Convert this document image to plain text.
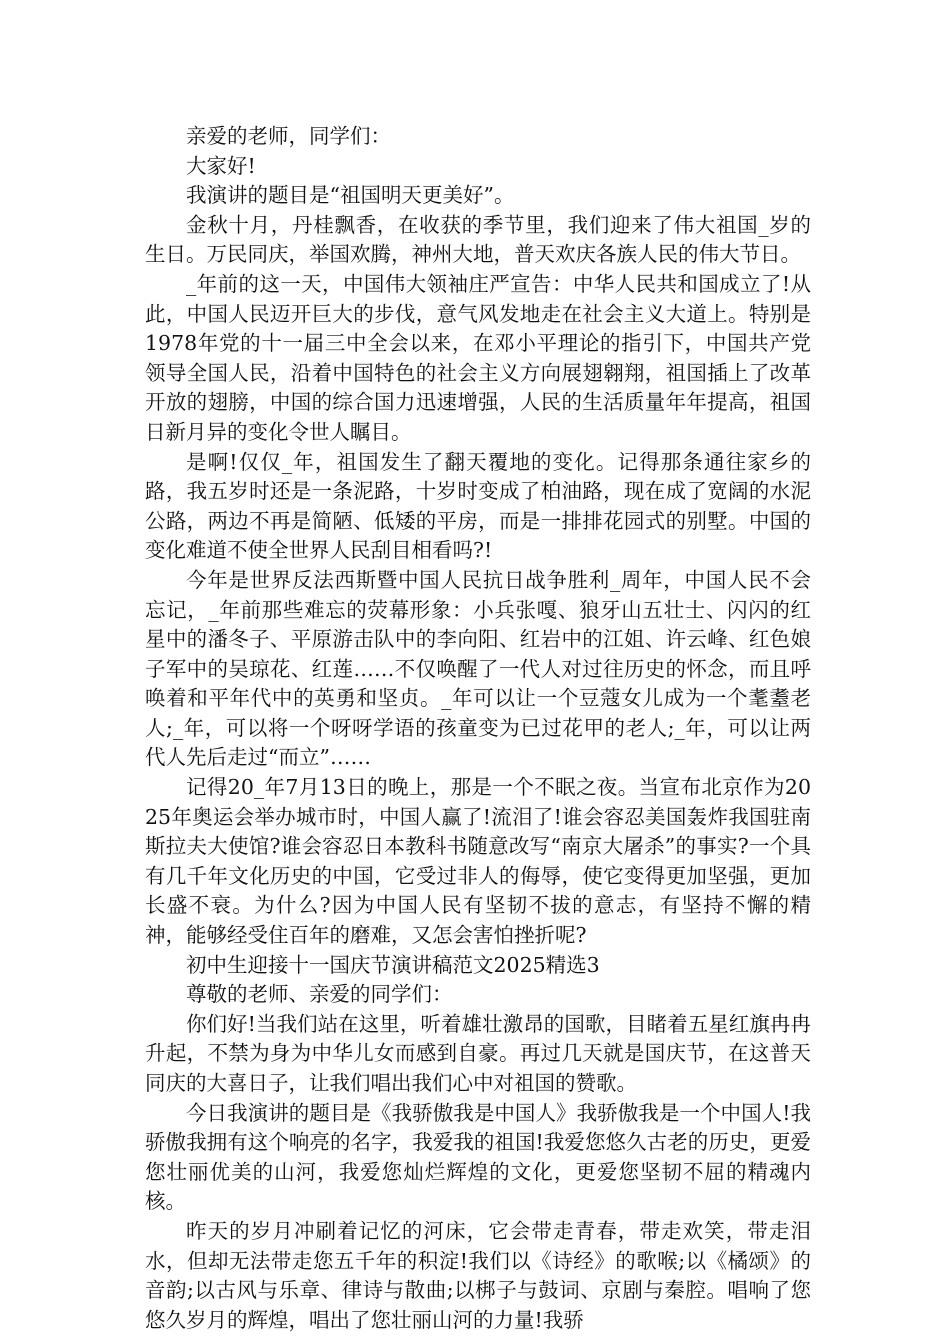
亲爱的老师，同学们：

大家好!

我演讲的题目是“祖国明天更美好”。

金秋十月，丹桂飘香，在收获的季节里，我们迎来了伟大祖国_岁的生日。万民同庆，举国欢腾，神州大地，普天欢庆各族人民的伟大节日。

_年前的这一天，中国伟大领袖庄严宣告：中华人民共和国成立了!从此，中国人民迈开巨大的步伐，意气风发地走在社会主义大道上。特别是1978年党的十一届三中全会以来，在邓小平理论的指引下，中国共产党领导全国人民，沿着中国特色的社会主义方向展翅翱翔，祖国插上了改革开放的翅膀，中国的综合国力迅速增强，人民的生活质量年年提高，祖国日新月异的变化令世人瞩目。

是啊!仅仅_年，祖国发生了翻天覆地的变化。记得那条通往家乡的路，我五岁时还是一条泥路，十岁时变成了柏油路，现在成了宽阔的水泥公路，两边不再是简陋、低矮的平房，而是一排排花园式的别墅。中国的变化难道不使全世界人民刮目相看吗?!

今年是世界反法西斯暨中国人民抗日战争胜利_周年，中国人民不会忘记，_年前那些难忘的荧幕形象：小兵张嘎、狼牙山五壮士、闪闪的红星中的潘冬子、平原游击队中的李向阳、红岩中的江姐、许云峰、红色娘子军中的吴琼花、红莲……不仅唤醒了一代人对过往历史的怀念，而且呼唤着和平年代中的英勇和坚贞。_年可以让一个豆蔻女儿成为一个耄耋老人;_年，可以将一个呀呀学语的孩童变为已过花甲的老人;_年，可以让两代人先后走过“而立”……

记得20_年7月13日的晚上，那是一个不眠之夜。当宣布北京作为2025年奥运会举办城市时，中国人赢了!流泪了!谁会容忍美国轰炸我国驻南斯拉夫大使馆?谁会容忍日本教科书随意改写“南京大屠杀”的事实?一个具有几千年文化历史的中国，它受过非人的侮辱，使它变得更加坚强，更加长盛不衰。为什么?因为中国人民有坚韧不拔的意志，有坚持不懈的精神，能够经受住百年的磨难，又怎会害怕挫折呢?

初中生迎接十一国庆节演讲稿范文2025精选3

尊敬的老师、亲爱的同学们：

你们好!当我们站在这里，听着雄壮激昂的国歌，目睹着五星红旗冉冉升起，不禁为身为中华儿女而感到自豪。再过几天就是国庆节，在这普天同庆的大喜日子，让我们唱出我们心中对祖国的赞歌。

今日我演讲的题目是《我骄傲我是中国人》我骄傲我是一个中国人!我骄傲我拥有这个响亮的名字，我爱我的祖国!我爱您悠久古老的历史，更爱您壮丽优美的山河，我爱您灿烂辉煌的文化，更爱您坚韧不屈的精魂内核。

昨天的岁月冲刷着记忆的河床，它会带走青春，带走欢笑，带走泪水，但却无法带走您五千年的积淀!我们以《诗经》的歌喉;以《橘颂》的音韵;以古风与乐章、律诗与散曲;以梆子与鼓词、京剧与秦腔。唱响了您悠久岁月的辉煌，唱出了您壮丽山河的力量!我骄
